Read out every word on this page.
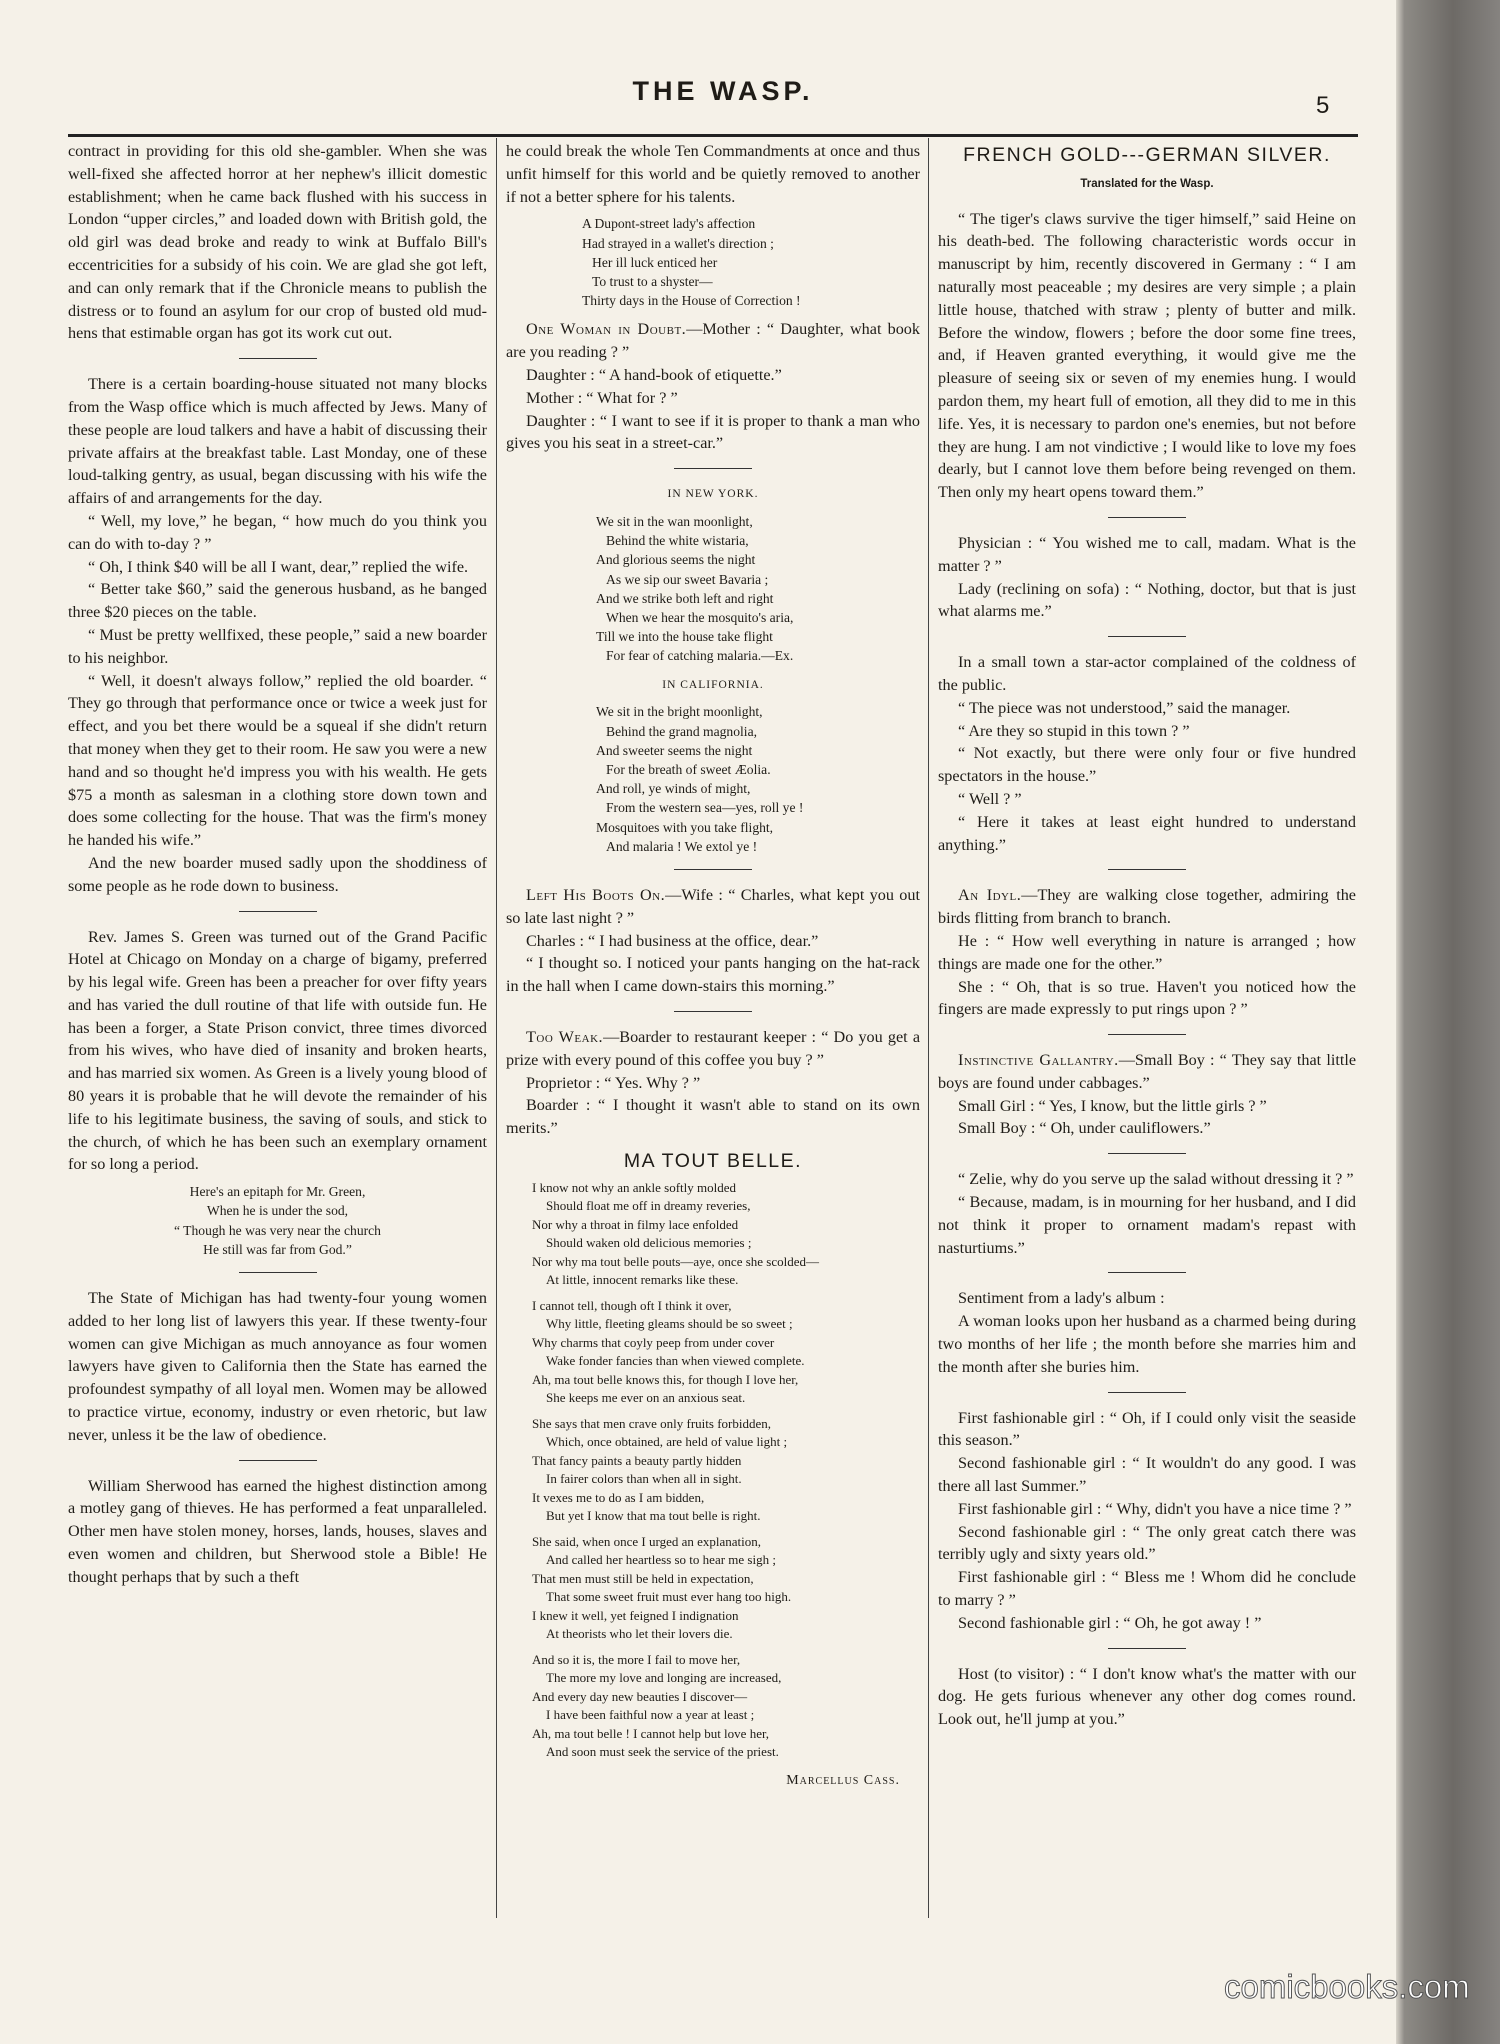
THE WASP.	5

contract in providing for this old she-gambler. When she was well-fixed she affected horror at her nephew's illicit domestic establishment; when he came back flushed with his success in London “upper circles,” and loaded down with British gold, the old girl was dead broke and ready to wink at Buffalo Bill's eccentricities for a subsidy of his coin. We are glad she got left, and can only remark that if the Chronicle means to publish the distress or to found an asylum for our crop of busted old mud-hens that estimable organ has got its work cut out.

There is a certain boarding-house situated not many blocks from the Wasp office which is much affected by Jews. Many of these people are loud talkers and have a habit of discussing their private affairs at the breakfast table. Last Monday, one of these loud-talking gentry, as usual, began discussing with his wife the affairs of and arrangements for the day.

“ Well, my love,” he began, “ how much do you think you can do with to-day ? ”

“ Oh, I think $40 will be all I want, dear,” replied the wife.

“ Better take $60,” said the generous husband, as he banged three $20 pieces on the table.

“ Must be pretty wellfixed, these people,” said a new boarder to his neighbor.

“ Well, it doesn't always follow,” replied the old boarder. “ They go through that performance once or twice a week just for effect, and you bet there would be a squeal if she didn't return that money when they get to their room. He saw you were a new hand and so thought he'd impress you with his wealth. He gets $75 a month as salesman in a clothing store down town and does some collecting for the house. That was the firm's money he handed his wife.”

And the new boarder mused sadly upon the shoddiness of some people as he rode down to business.

Rev. James S. Green was turned out of the Grand Pacific Hotel at Chicago on Monday on a charge of bigamy, preferred by his legal wife. Green has been a preacher for over fifty years and has varied the dull routine of that life with outside fun. He has been a forger, a State Prison convict, three times divorced from his wives, who have died of insanity and broken hearts, and has married six women. As Green is a lively young blood of 80 years it is probable that he will devote the remainder of his life to his legitimate business, the saving of souls, and stick to the church, of which he has been such an exemplary ornament for so long a period.

Here's an epitaph for Mr. Green,
When he is under the sod,
“ Though he was very near the church
He still was far from God.”

The State of Michigan has had twenty-four young women added to her long list of lawyers this year. If these twenty-four women can give Michigan as much annoyance as four women lawyers have given to California then the State has earned the profoundest sympathy of all loyal men. Women may be allowed to practice virtue, economy, industry or even rhetoric, but law never, unless it be the law of obedience.

William Sherwood has earned the highest distinction among a motley gang of thieves. He has performed a feat unparalleled. Other men have stolen money, horses, lands, houses, slaves and even women and children, but Sherwood stole a Bible! He thought perhaps that by such a theft

he could break the whole Ten Commandments at once and thus unfit himself for this world and be quietly removed to another if not a better sphere for his talents.

A Dupont-street lady's affection
Had strayed in a wallet's direction ;
Her ill luck enticed her
To trust to a shyster—
Thirty days in the House of Correction !

One Woman in Doubt.—Mother : “ Daughter, what book are you reading ? ”

Daughter : “ A hand-book of etiquette.”

Mother : “ What for ? ”

Daughter : “ I want to see if it is proper to thank a man who gives you his seat in a street-car.”

IN NEW YORK.
We sit in the wan moonlight,
Behind the white wistaria,
And glorious seems the night
As we sip our sweet Bavaria ;
And we strike both left and right
When we hear the mosquito's aria,
Till we into the house take flight
For fear of catching malaria.—Ex.
IN CALIFORNIA.
We sit in the bright moonlight,
Behind the grand magnolia,
And sweeter seems the night
For the breath of sweet Æolia.
And roll, ye winds of might,
From the western sea—yes, roll ye !
Mosquitoes with you take flight,
And malaria ! We extol ye !

Left His Boots On.—Wife : “ Charles, what kept you out so late last night ? ”

Charles : “ I had business at the office, dear.”

“ I thought so. I noticed your pants hanging on the hat-rack in the hall when I came down-stairs this morning.”

Too Weak.—Boarder to restaurant keeper : “ Do you get a prize with every pound of this coffee you buy ? ”

Proprietor : “ Yes. Why ? ”

Boarder : “ I thought it wasn't able to stand on its own merits.”

MA TOUT BELLE.
I know not why an ankle softly molded
Should float me off in dreamy reveries,
Nor why a throat in filmy lace enfolded
Should waken old delicious memories ;
Nor why ma tout belle pouts—aye, once she scolded—
At little, innocent remarks like these.
I cannot tell, though oft I think it over,
Why little, fleeting gleams should be so sweet ;
Why charms that coyly peep from under cover
Wake fonder fancies than when viewed complete.
Ah, ma tout belle knows this, for though I love her,
She keeps me ever on an anxious seat.
She says that men crave only fruits forbidden,
Which, once obtained, are held of value light ;
That fancy paints a beauty partly hidden
In fairer colors than when all in sight.
It vexes me to do as I am bidden,
But yet I know that ma tout belle is right.
She said, when once I urged an explanation,
And called her heartless so to hear me sigh ;
That men must still be held in expectation,
That some sweet fruit must ever hang too high.
I knew it well, yet feigned I indignation
At theorists who let their lovers die.
And so it is, the more I fail to move her,
The more my love and longing are increased,
And every day new beauties I discover—
I have been faithful now a year at least ;
Ah, ma tout belle ! I cannot help but love her,
And soon must seek the service of the priest.
Marcellus Cass.
FRENCH GOLD---GERMAN SILVER.
Translated for the Wasp.

“ The tiger's claws survive the tiger himself,” said Heine on his death-bed. The following characteristic words occur in manuscript by him, recently discovered in Germany : “ I am naturally most peaceable ; my desires are very simple ; a plain little house, thatched with straw ; plenty of butter and milk. Before the window, flowers ; before the door some fine trees, and, if Heaven granted everything, it would give me the pleasure of seeing six or seven of my enemies hung. I would pardon them, my heart full of emotion, all they did to me in this life. Yes, it is necessary to pardon one's enemies, but not before they are hung. I am not vindictive ; I would like to love my foes dearly, but I cannot love them before being revenged on them. Then only my heart opens toward them.”

Physician : “ You wished me to call, madam. What is the matter ? ”

Lady (reclining on sofa) : “ Nothing, doctor, but that is just what alarms me.”

In a small town a star-actor complained of the coldness of the public.

“ The piece was not understood,” said the manager.

“ Are they so stupid in this town ? ”

“ Not exactly, but there were only four or five hundred spectators in the house.”

“ Well ? ”

“ Here it takes at least eight hundred to understand anything.”

An Idyl.—They are walking close together, admiring the birds flitting from branch to branch.

He : “ How well everything in nature is arranged ; how things are made one for the other.”

She : “ Oh, that is so true. Haven't you noticed how the fingers are made expressly to put rings upon ? ”

Instinctive Gallantry.—Small Boy : “ They say that little boys are found under cabbages.”

Small Girl : “ Yes, I know, but the little girls ? ”

Small Boy : “ Oh, under cauliflowers.”

“ Zelie, why do you serve up the salad without dressing it ? ”

“ Because, madam, is in mourning for her husband, and I did not think it proper to ornament madam's repast with nasturtiums.”

Sentiment from a lady's album :

A woman looks upon her husband as a charmed being during two months of her life ; the month before she marries him and the month after she buries him.

First fashionable girl : “ Oh, if I could only visit the seaside this season.”

Second fashionable girl : “ It wouldn't do any good. I was there all last Summer.”

First fashionable girl : “ Why, didn't you have a nice time ? ”

Second fashionable girl : “ The only great catch there was terribly ugly and sixty years old.”

First fashionable girl : “ Bless me ! Whom did he conclude to marry ? ”

Second fashionable girl : “ Oh, he got away ! ”

Host (to visitor) : “ I don't know what's the matter with our dog. He gets furious whenever any other dog comes round. Look out, he'll jump at you.”

comicbooks.com
